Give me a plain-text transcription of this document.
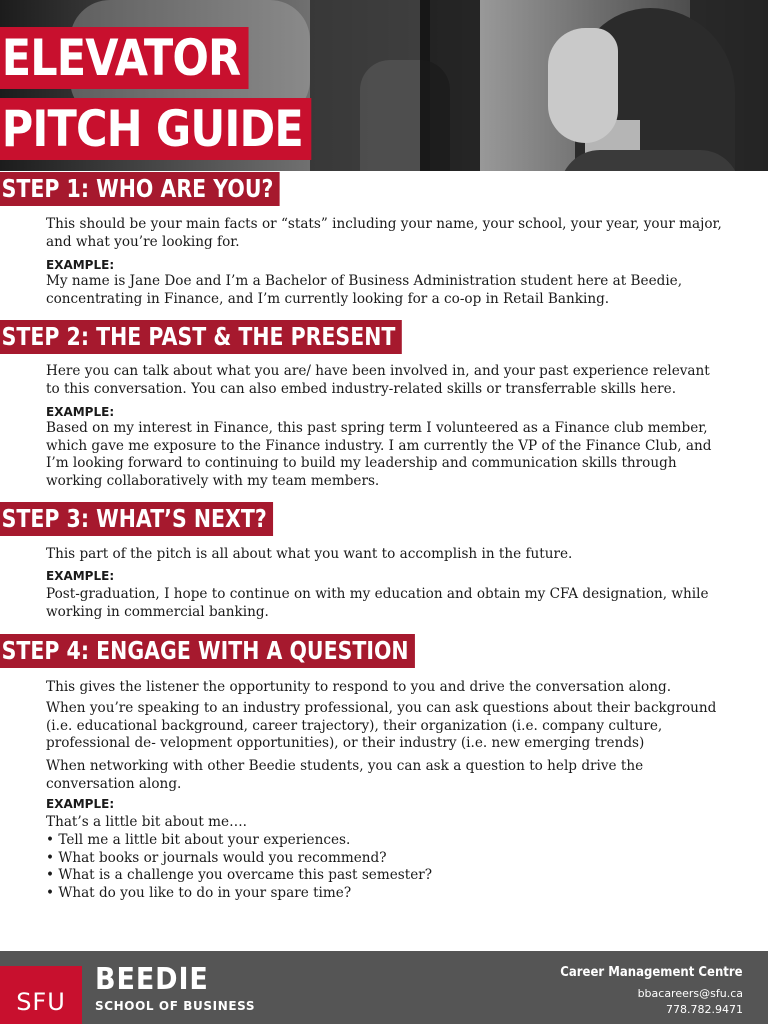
ELEVATOR
PITCH GUIDE
STEP 1: WHO ARE YOU?

This should be your main facts or “stats” including your name, your school, your year, your major, and what you’re looking for.

EXAMPLE:

My name is Jane Doe and I’m a Bachelor of Business Administration student here at Beedie, concentrating in Finance, and I’m currently looking for a co-op in Retail Banking.

STEP 2: THE PAST & THE PRESENT

Here you can talk about what you are/ have been involved in, and your past experience relevant to this conversation. You can also embed industry-related skills or transferrable skills here.

EXAMPLE:

Based on my interest in Finance, this past spring term I volunteered as a Finance club member, which gave me exposure to the Finance industry. I am currently the VP of the Finance Club, and I’m looking forward to continuing to build my leadership and communication skills through working collaboratively with my team members.

STEP 3: WHAT’S NEXT?

This part of the pitch is all about what you want to accomplish in the future.

EXAMPLE:

Post-graduation, I hope to continue on with my education and obtain my CFA designation, while working in commercial banking.

STEP 4: ENGAGE WITH A QUESTION

This gives the listener the opportunity to respond to you and drive the conversation along.

When you’re speaking to an industry professional, you can ask questions about their background (i.e. educational background, career trajectory), their organization (i.e. company culture, professional de- velopment opportunities), or their industry (i.e. new emerging trends)

When networking with other Beedie students, you can ask a question to help drive the conversation along.

EXAMPLE:

That’s a little bit about me….

• Tell me a little bit about your experiences.
• What books or journals would you recommend?
• What is a challenge you overcame this past semester?
• What do you like to do in your spare time?
SFU
BEEDIE
SCHOOL OF BUSINESS
Career Management Centre
bbacareers@sfu.ca
778.782.9471
